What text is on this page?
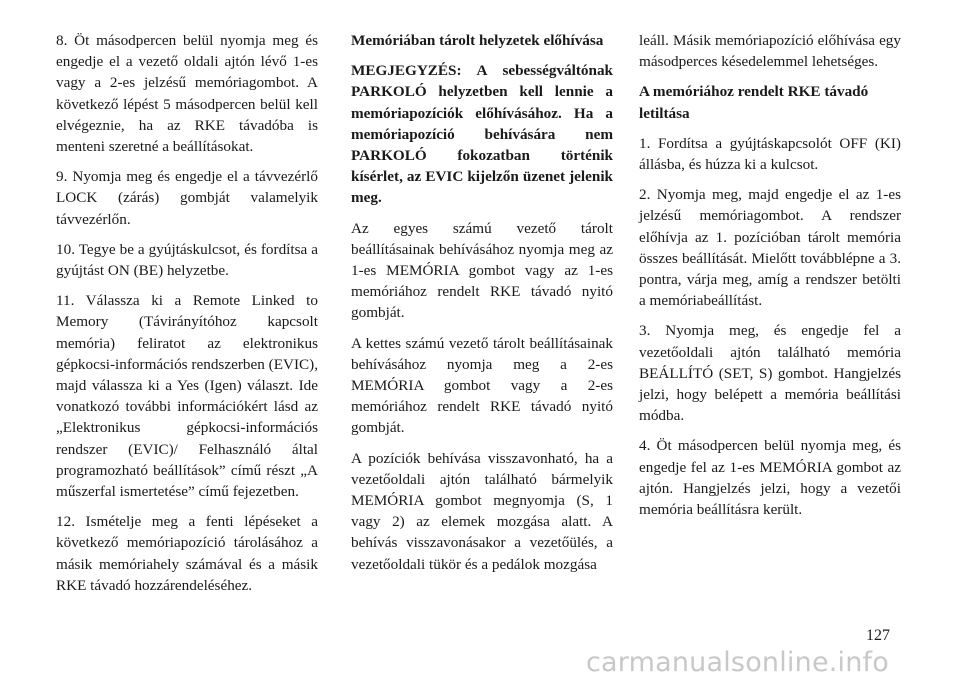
8. Öt másodpercen belül nyomja meg és engedje el a vezető oldali ajtón lévő 1-es vagy a 2-es jelzésű memóriagombot. A következő lépést 5 másodpercen belül kell elvégeznie, ha az RKE távadóba is menteni szeretné a beállításokat.

9. Nyomja meg és engedje el a távvezérlő LOCK (zárás) gombját valamelyik távvezérlőn.

10. Tegye be a gyújtáskulcsot, és fordítsa a gyújtást ON (BE) helyzetbe.

11. Válassza ki a Remote Linked to Memory (Távirányítóhoz kapcsolt memória) feliratot az elektronikus gépkocsi-információs rendszerben (EVIC), majd válassza ki a Yes (Igen) választ. Ide vonatkozó további információkért lásd az „Elektronikus gépkocsi-információs rendszer (EVIC)/ Felhasználó által programozható beállítások” című részt „A műszerfal ismertetése” című fejezetben.

12. Ismételje meg a fenti lépéseket a következő memóriapozíció tárolásához a másik memóriahely számával és a másik RKE távadó hozzárendeléséhez.

Memóriában tárolt helyzetek előhívása

MEGJEGYZÉS: A sebességváltónak PARKOLÓ helyzetben kell lennie a memóriapozíciók előhívásához. Ha a memóriapozíció behívására nem PARKOLÓ fokozatban történik kísérlet, az EVIC kijelzőn üzenet jelenik meg.

Az egyes számú vezető tárolt beállításainak behívásához nyomja meg az 1-es MEMÓRIA gombot vagy az 1-es memóriához rendelt RKE távadó nyitó gombját.

A kettes számú vezető tárolt beállításainak behívásához nyomja meg a 2-es MEMÓRIA gombot vagy a 2-es memóriához rendelt RKE távadó nyitó gombját.

A pozíciók behívása visszavonható, ha a vezetőoldali ajtón található bármelyik MEMÓRIA gombot megnyomja (S, 1 vagy 2) az elemek mozgása alatt. A behívás visszavonásakor a vezetőülés, a vezetőoldali tükör és a pedálok mozgása

leáll. Másik memóriapozíció előhívása egy másodperces késedelemmel lehetséges.

A memóriához rendelt RKE távadó letiltása

1. Fordítsa a gyújtáskapcsolót OFF (KI) állásba, és húzza ki a kulcsot.

2. Nyomja meg, majd engedje el az 1-es jelzésű memóriagombot. A rendszer előhívja az 1. pozícióban tárolt memória összes beállítását. Mielőtt továbblépne a 3. pontra, várja meg, amíg a rendszer betölti a memóriabeállítást.

3. Nyomja meg, és engedje fel a vezetőoldali ajtón található memória BEÁLLÍTÓ (SET, S) gombot. Hangjelzés jelzi, hogy belépett a memória beállítási módba.

4. Öt másodpercen belül nyomja meg, és engedje fel az 1-es MEMÓRIA gombot az ajtón. Hangjelzés jelzi, hogy a vezetői memória beállításra került.

127
carmanualsonline.info
